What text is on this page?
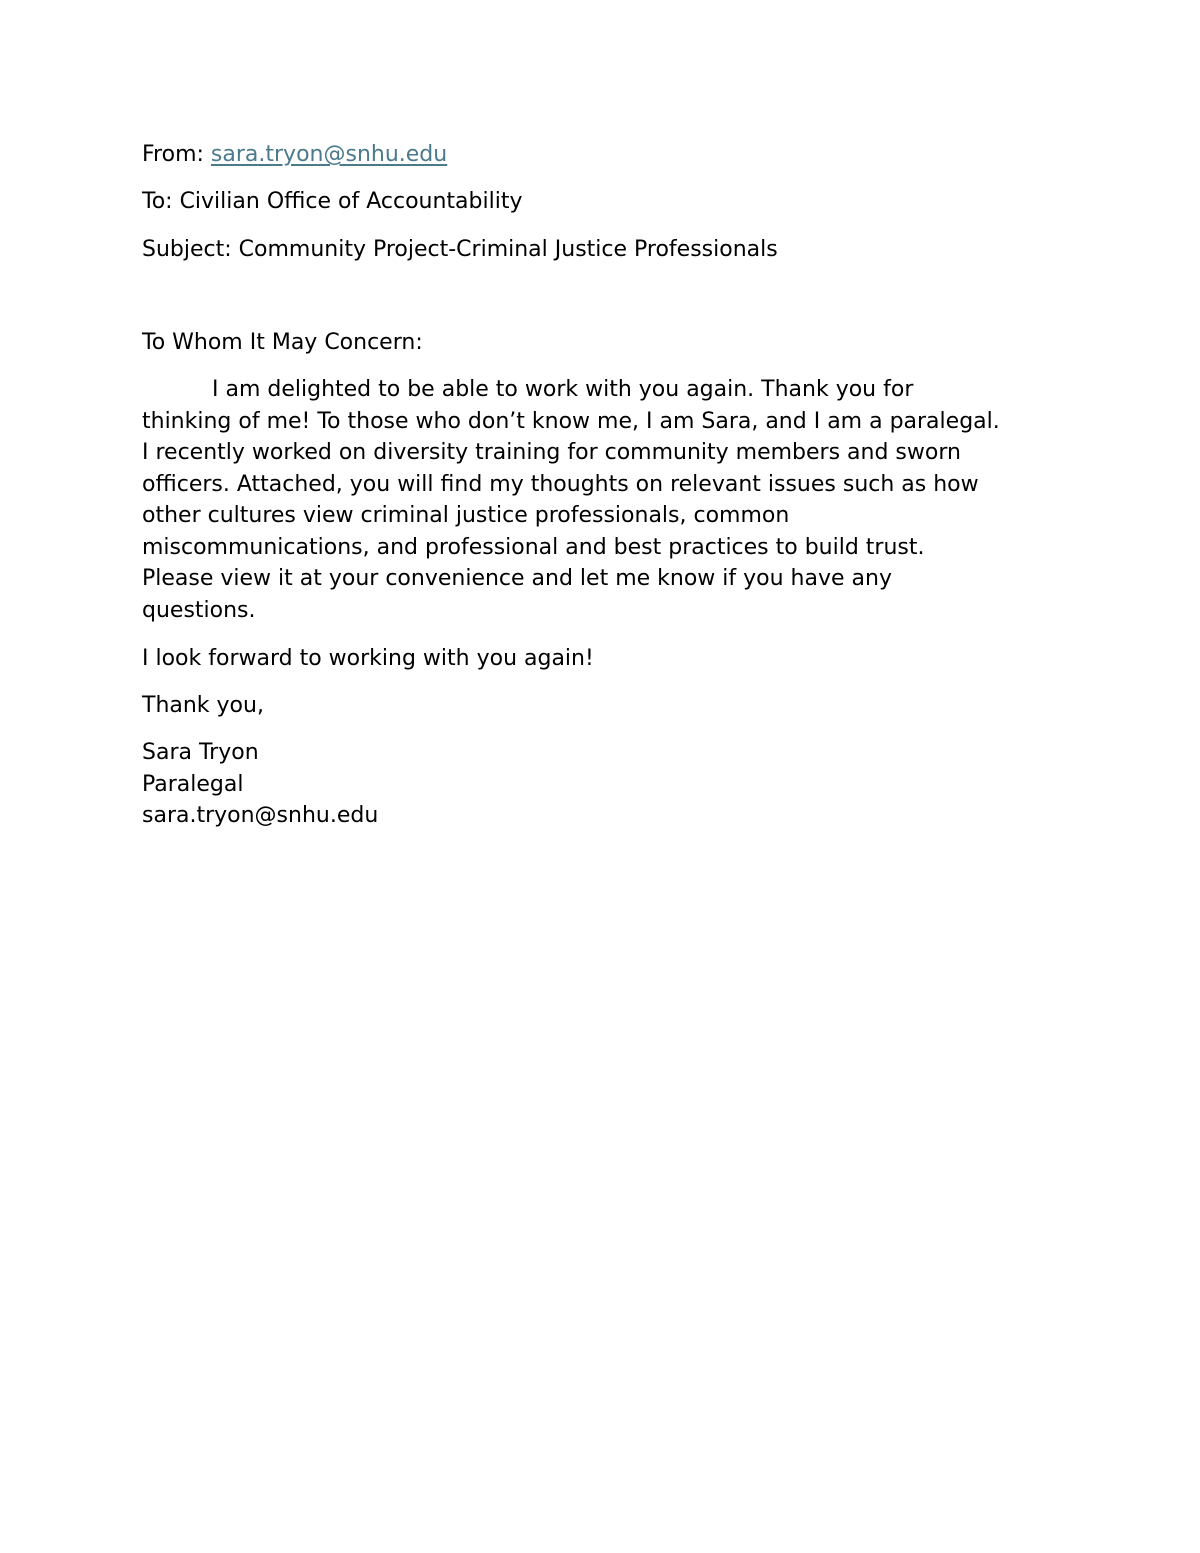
From: sara.tryon@snhu.edu
To: Civilian Office of Accountability
Subject: Community Project-Criminal Justice Professionals
To Whom It May Concern:
I am delighted to be able to work with you again. Thank you for
thinking of me! To those who don’t know me, I am Sara, and I am a paralegal.
I recently worked on diversity training for community members and sworn
officers. Attached, you will find my thoughts on relevant issues such as how
other cultures view criminal justice professionals, common
miscommunications, and professional and best practices to build trust.
Please view it at your convenience and let me know if you have any
questions.
I look forward to working with you again!
Thank you,
Sara Tryon
Paralegal
sara.tryon@snhu.edu
